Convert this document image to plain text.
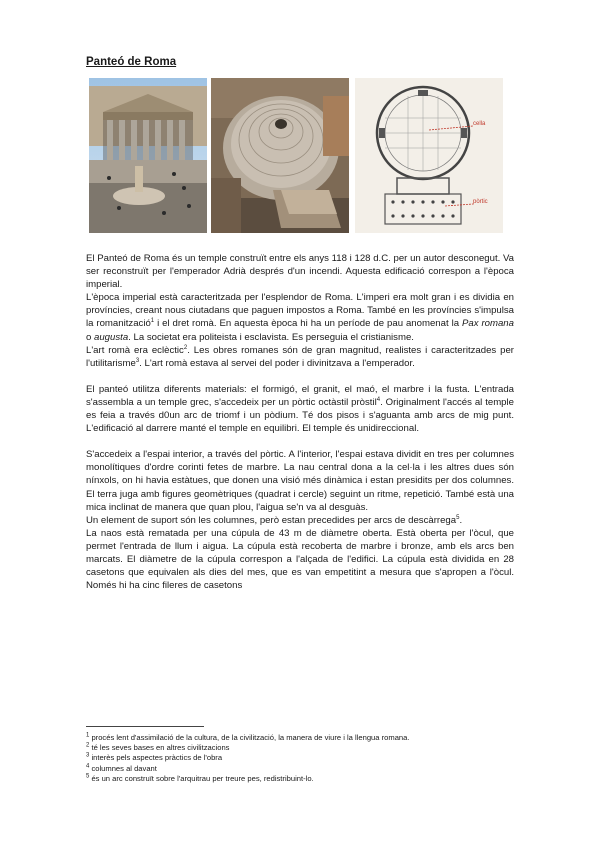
Panteó de Roma
cella
pòrtic

El Panteó de Roma és un temple construït entre els anys 118 i 128 d.C. per un autor desconegut. Va ser reconstruït per l'emperador Adrià després d'un incendi. Aquesta edificació correspon a l'època imperial.

L'època imperial està caracteritzada per l'esplendor de Roma. L'imperi era molt gran i es dividia en províncies, creant nous ciutadans que paguen impostos a Roma. També en les províncies s'impulsa la romanització$^1$ i el dret romà. En aquesta època hi ha un període de pau anomenat la Pax romana o augusta. La societat era politeista i esclavista. Es perseguia el cristianisme.

L'art romà era eclèctic$^2$. Les obres romanes són de gran magnitud, realistes i caracteritzades per l'utilitarisme$^3$. L'art romà estava al servei del poder i divinitzava a l'emperador.

El panteó utilitza diferents materials: el formigó, el granit, el maó, el marbre i la fusta. L'entrada s'assembla a un temple grec, s'accedeix per un pòrtic octàstil pròstil$^4$. Originalment l'accés al temple es feia a través d0un arc de triomf i un pòdium. Té dos pisos i s'aguanta amb arcs de mig punt. L'edificació al darrere manté el temple en equilibri. El temple és unidireccional.

S'accedeix a l'espai interior, a través del pòrtic. A l'interior, l'espai estava dividit en tres per columnes monolítiques d'ordre corinti fetes de marbre. La nau central dona a la cel·la i les altres dues són nínxols, on hi havia estàtues, que donen una visió més dinàmica i estan presidits per dos columnes. El terra juga amb figures geomètriques (quadrat i cercle) seguint un ritme, repetició. També està una mica inclinat de manera que quan plou, l'aigua se'n va al desguàs.

Un element de suport són les columnes, però estan precedides per arcs de descàrrega$^5$.

La naos està rematada per una cúpula de 43 m de diàmetre oberta. Està oberta per l'òcul, que permet l'entrada de llum i aigua. La cúpula està recoberta de marbre i bronze, amb els arcs ben marcats. El diàmetre de la cúpula correspon a l'alçada de l'edifici. La cúpula està dividida en 28 casetons que equivalen als dies del mes, que es van empetitint a mesura que s'apropen a l'òcul. Només hi ha cinc fileres de casetons

$^1$ procés lent d'assimilació de la cultura, de la civilització, la manera de viure i la llengua romana.
$^2$ té les seves bases en altres civilitzacions
$^3$ interès pels aspectes pràctics de l'obra
$^4$ columnes al davant
$^5$ és un arc construït sobre l'arquitrau per treure pes, redistribuint-lo.
